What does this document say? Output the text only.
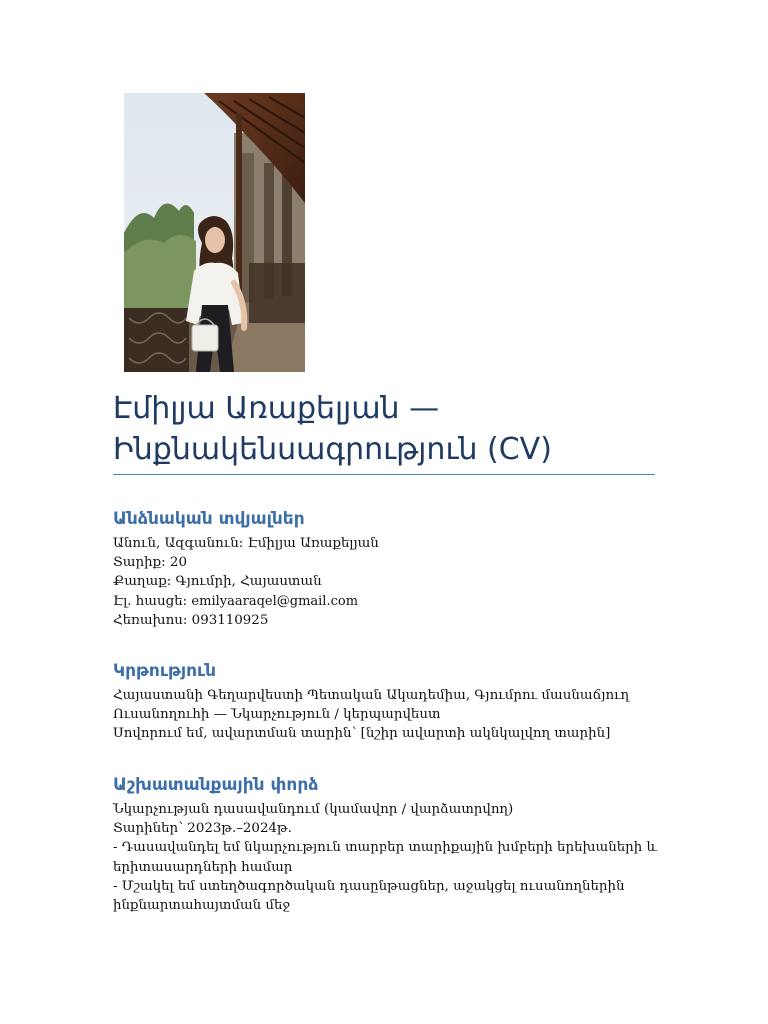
Էմիլյա Առաքելյան —
Ինքնակենսագրություն (CV)
Անձնական տվյալներ
Անուն, Ազգանուն: Էմիլյա Առաքելյան
Տարիք: 20
Քաղաք: Գյումրի, Հայաստան
Էլ. հասցե: emilyaaraqel@gmail.com
Հեռախոս: 093110925
Կրթություն
Հայաստանի Գեղարվեստի Պետական Ակադեմիա, Գյումրու մասնաճյուղ
Ուսանողուհի — Նկարչություն / կերպարվեստ
Սովորում եմ, ավարտման տարին՝ [նշիր ավարտի ակնկալվող տարին]
Աշխատանքային փորձ
Նկարչության դասավանդում (կամավոր / վարձատրվող)
Տարիներ՝ 2023թ.–2024թ.
- Դասավանդել եմ նկարչություն տարբեր տարիքային խմբերի երեխաների և երիտասարդների համար
- Մշակել եմ ստեղծագործական դասընթացներ, աջակցել ուսանողներին ինքնարտահայտման մեջ
